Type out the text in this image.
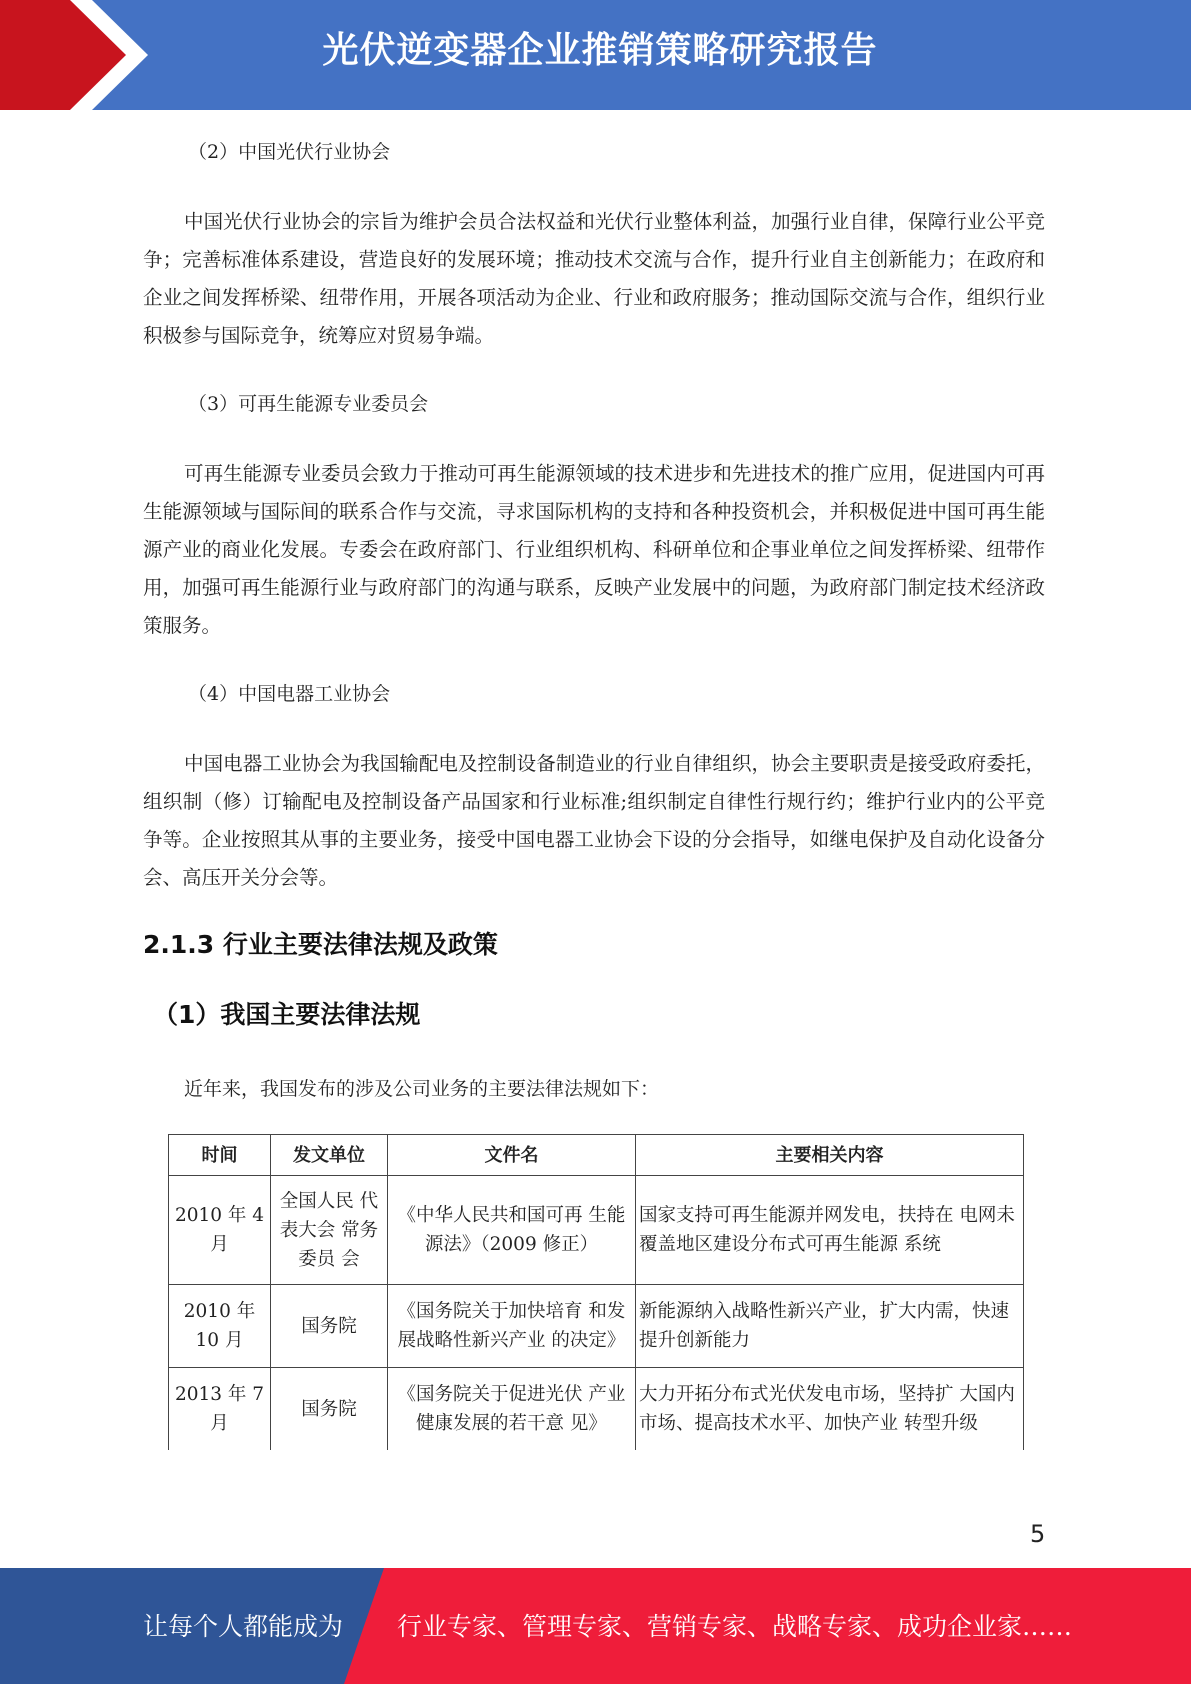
光伏逆变器企业推销策略研究报告
（2）中国光伏行业协会

中国光伏行业协会的宗旨为维护会员合法权益和光伏行业整体利益，加强行业自律，保障行业公平竞争；完善标准体系建设，营造良好的发展环境；推动技术交流与合作，提升行业自主创新能力；在政府和企业之间发挥桥梁、纽带作用，开展各项活动为企业、行业和政府服务；推动国际交流与合作，组织行业积极参与国际竞争，统筹应对贸易争端。

（3）可再生能源专业委员会

可再生能源专业委员会致力于推动可再生能源领域的技术进步和先进技术的推广应用，促进国内可再生能源领域与国际间的联系合作与交流，寻求国际机构的支持和各种投资机会，并积极促进中国可再生能源产业的商业化发展。专委会在政府部门、行业组织机构、科研单位和企事业单位之间发挥桥梁、纽带作用，加强可再生能源行业与政府部门的沟通与联系，反映产业发展中的问题，为政府部门制定技术经济政策服务。

（4）中国电器工业协会

中国电器工业协会为我国输配电及控制设备制造业的行业自律组织，协会主要职责是接受政府委托，组织制（修）订输配电及控制设备产品国家和行业标准;组织制定自律性行规行约；维护行业内的公平竞争等。企业按照其从事的主要业务，接受中国电器工业协会下设的分会指导，如继电保护及自动化设备分会、高压开关分会等。

2.1.3 行业主要法律法规及政策
（1）我国主要法律法规
近年来，我国发布的涉及公司业务的主要法律法规如下：
时间	发文单位	文件名	主要相关内容
2010 年 4 月	全国人民 代表大会 常务委员 会	《中华人民共和国可再 生能源法》（2009 修正）	国家支持可再生能源并网发电，扶持在 电网未覆盖地区建设分布式可再生能源 系统
2010 年 10 月	国务院	《国务院关于加快培育 和发展战略性新兴产业 的决定》	新能源纳入战略性新兴产业，扩大内需，快速提升创新能力
2013 年 7 月	国务院	《国务院关于促进光伏 产业健康发展的若干意 见》	大力开拓分布式光伏发电市场，坚持扩 大国内市场、提高技术水平、加快产业 转型升级
5
让每个人都能成为 行业专家、管理专家、营销专家、战略专家、成功企业家……
